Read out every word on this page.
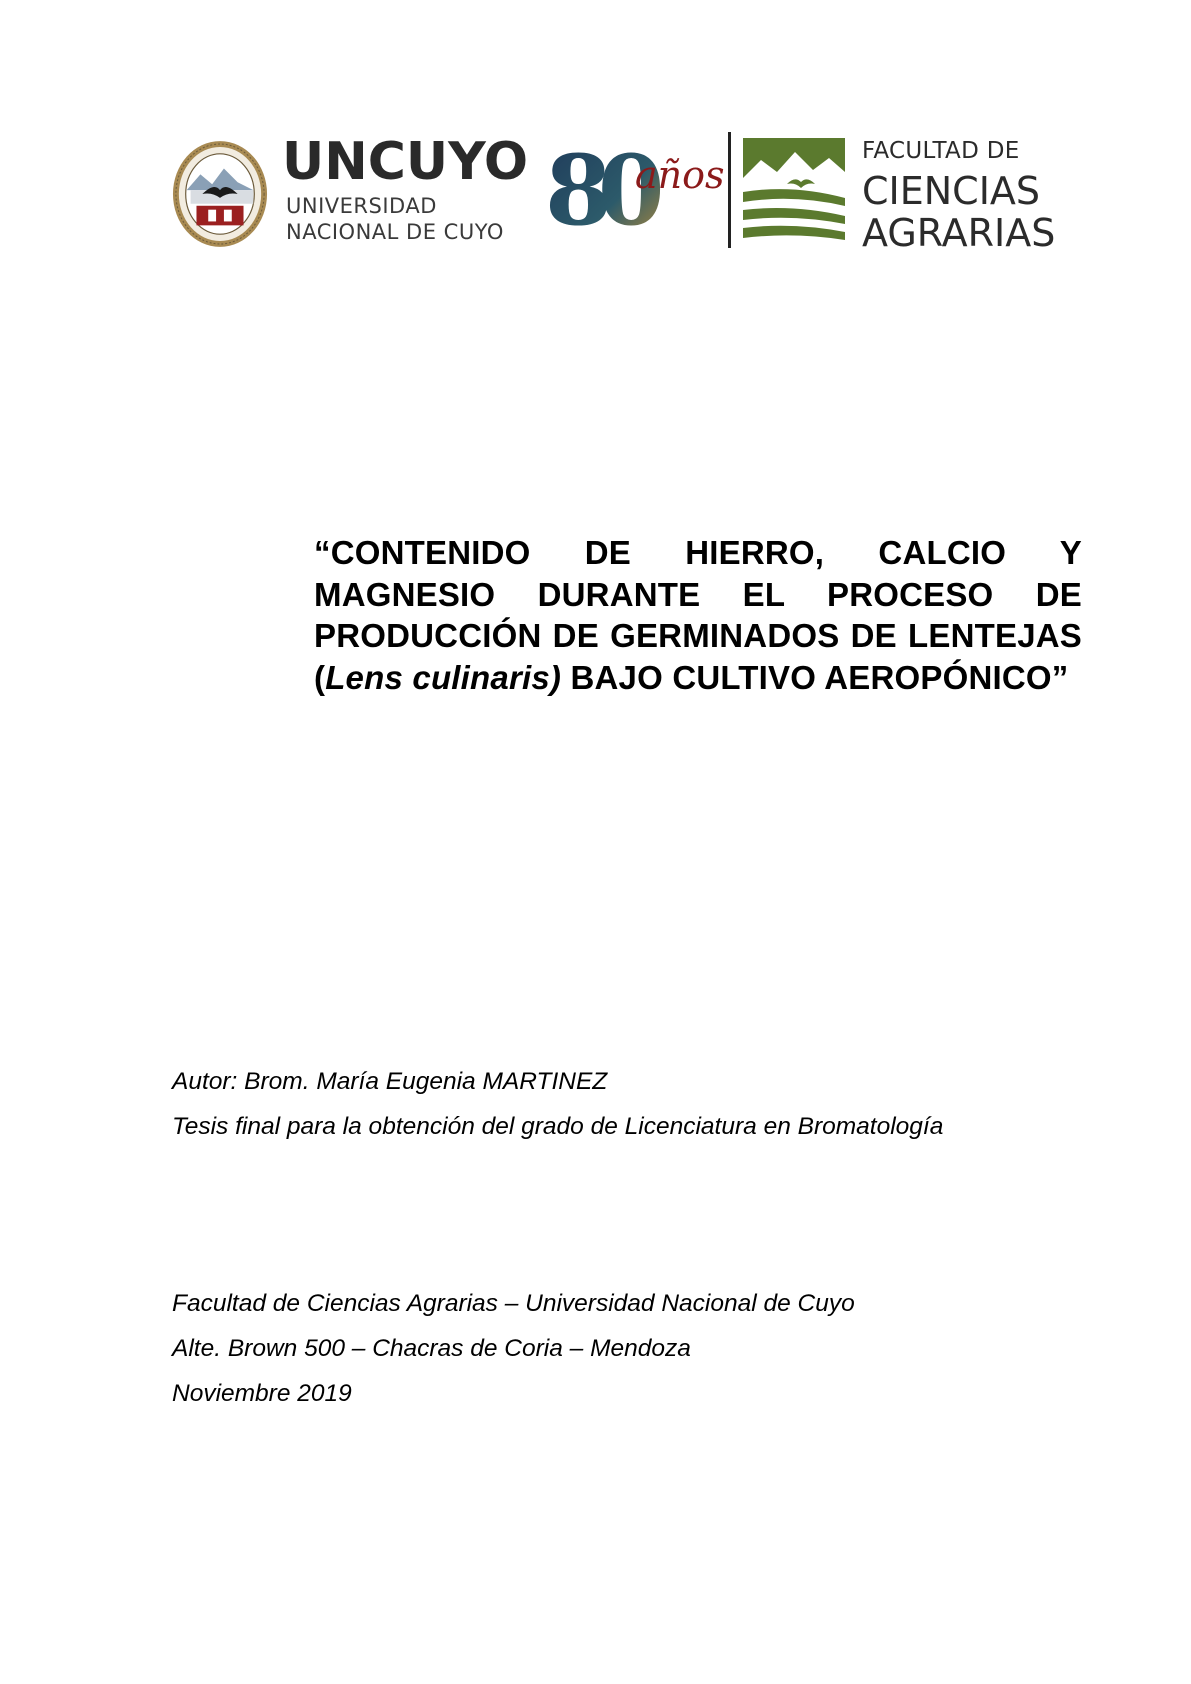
UNCUYO
UNIVERSIDAD
NACIONAL DE CUYO 80
años
FACULTAD DE
CIENCIAS
AGRARIAS
“CONTENIDO DE HIERRO, CALCIO Y MAGNESIO DURANTE EL PROCESO DE PRODUCCIÓN DE GERMINADOS DE LENTEJAS (Lens culinaris) BAJO CULTIVO AEROPÓNICO”
Autor: Brom. María Eugenia MARTINEZ
Tesis final para la obtención del grado de Licenciatura en Bromatología
Facultad de Ciencias Agrarias – Universidad Nacional de Cuyo
Alte. Brown 500 – Chacras de Coria – Mendoza
Noviembre 2019
